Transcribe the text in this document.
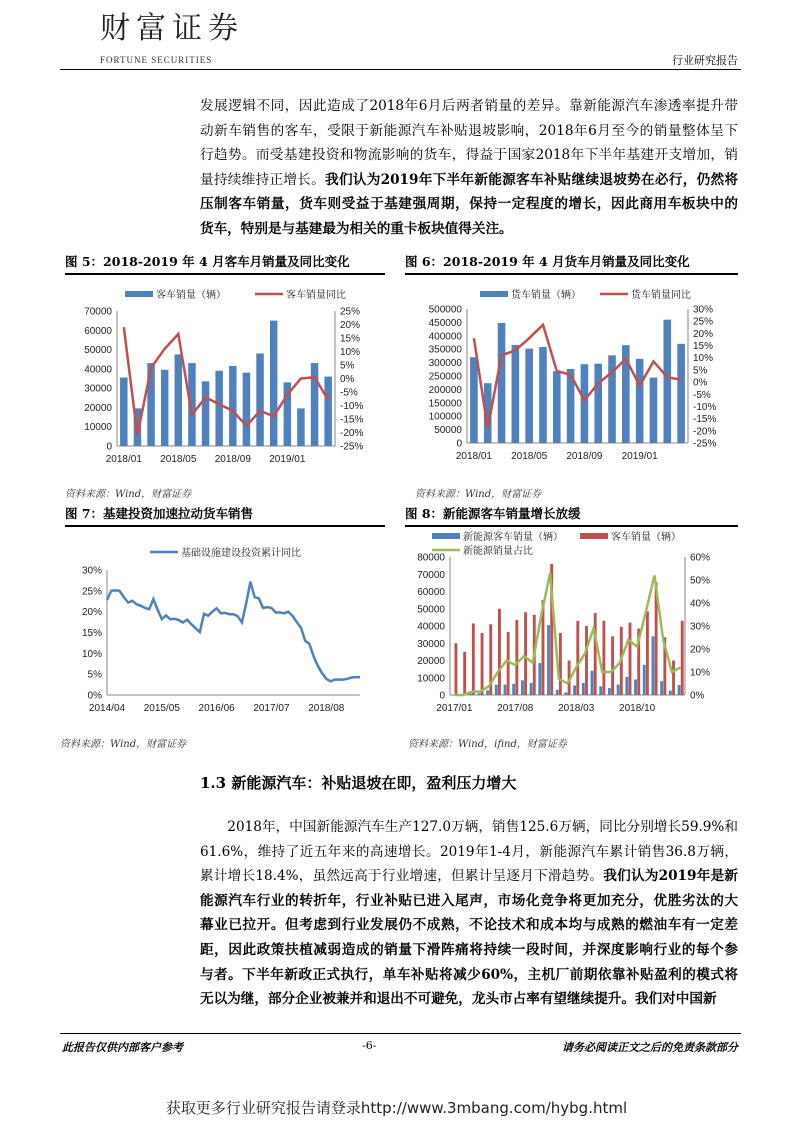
财富证券
FORTUNE SECURITIES	行业研究报告
发展逻辑不同，因此造成了2018年6月后两者销量的差异。靠新能源汽车渗透率提升带
动新车销售的客车，受限于新能源汽车补贴退坡影响，2018年6月至今的销量整体呈下
行趋势。而受基建投资和物流影响的货车，得益于国家2018年下半年基建开支增加，销
量持续维持正增长。我们认为2019年下半年新能源客车补贴继续退坡势在必行，仍然将
压制客车销量，货车则受益于基建强周期，保持一定程度的增长，因此商用车板块中的
货车，特别是与基建最为相关的重卡板块值得关注。
图 5：2018-2019 年 4 月客车月销量及同比变化
0
10000
20000
30000
40000
50000
60000
70000
-25%
-20%
-15%
-10%
-5%
0%
5%
10%
15%
20%
25%
2018/01 2018/05 2018/09 2019/01
客车销量（辆）	客车销量同比
资料来源：Wind，财富证券
图 6：2018-2019 年 4 月货车月销量及同比变化
0
50000
100000
150000
200000
250000
300000
350000
400000
450000
500000
-25%
-20%
-15%
-10%
-5%
0%
5%
10%
15%
20%
25%
30%
2018/01 2018/05 2018/09 2019/01
货车销量（辆）	货车销量同比
资料来源：Wind，财富证券
图 7：基建投资加速拉动货车销售
0%
5%
10%
15%
20%
25%
30%
2014/04 2015/05 2016/06 2017/07 2018/08
基础设施建设投资累计同比
资料来源：Wind，财富证券
图 8：新能源客车销量增长放缓
0
10000
20000
30000
40000
50000
60000
70000
80000
0%
10%
20%
30%
40%
50%
60%
2017/01 2017/08 2018/03 2018/10
新能源客车销量（辆）	客车销量（辆）
新能源销量占比
资料来源：Wind，ifind，财富证券
1.3 新能源汽车：补贴退坡在即，盈利压力增大
　　2018年，中国新能源汽车生产127.0万辆，销售125.6万辆，同比分别增长59.9%和
61.6%，维持了近五年来的高速增长。2019年1-4月，新能源汽车累计销售36.8万辆，
累计增长18.4%，虽然远高于行业增速，但累计呈逐月下滑趋势。我们认为2019年是新
能源汽车行业的转折年，行业补贴已进入尾声，市场化竞争将更加充分，优胜劣汰的大
幕业已拉开。但考虑到行业发展仍不成熟，不论技术和成本均与成熟的燃油车有一定差
距，因此政策扶植减弱造成的销量下滑阵痛将持续一段时间，并深度影响行业的每个参
与者。下半年新政正式执行，单车补贴将减少60%，主机厂前期依靠补贴盈利的模式将
无以为继，部分企业被兼并和退出不可避免，龙头市占率有望继续提升。我们对中国新
此报告仅供内部客户参考	-6-	请务必阅读正文之后的免责条款部分
获取更多行业研究报告请登录http://www.3mbang.com/hybg.html
